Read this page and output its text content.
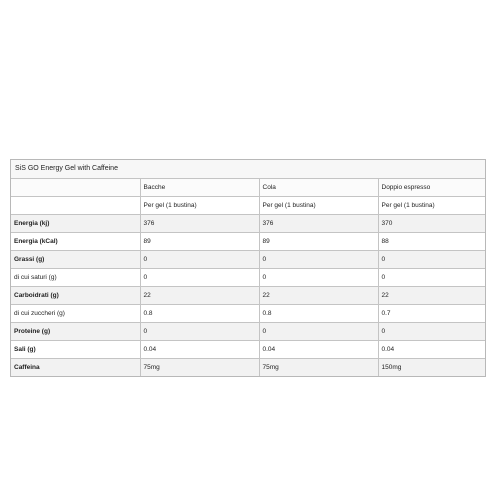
SiS GO Energy Gel with Caffeine
	Bacche	Cola	Doppio espresso
	Per gel (1 bustina)	Per gel (1 bustina)	Per gel (1 bustina)
Energia (kj)	376	376	370
Energia (kCal)	89	89	88
Grassi (g)	0	0	0
di cui saturi (g)	0	0	0
Carboidrati (g)	22	22	22
di cui zuccheri (g)	0.8	0.8	0.7
Proteine (g)	0	0	0
Sali (g)	0.04	0.04	0.04
Caffeina	75mg	75mg	150mg
